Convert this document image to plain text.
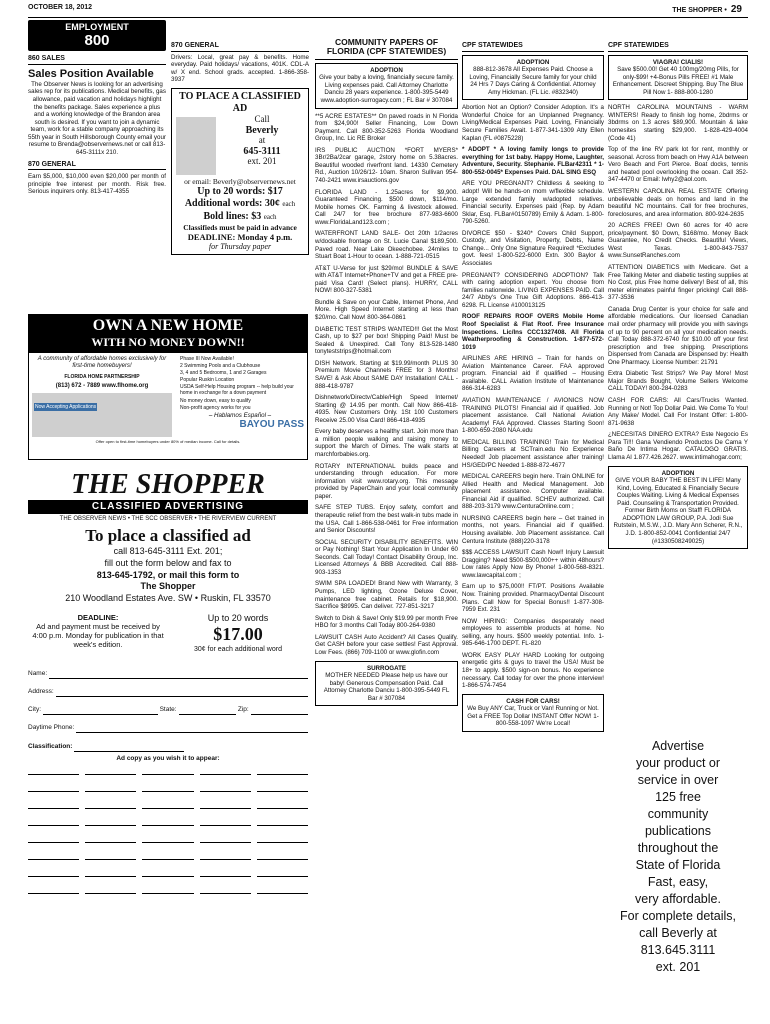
OCTOBER 18, 2012	THE SHOPPER • 29
EMPLOYMENT
800
860 SALES
Sales Position Available
The Observer News is looking for an advertising sales rep for its publications. Medical benefits, gas allowance, paid vacation and holidays highlight the benefits package. Sales experience a plus and a working knowledge of the Brandon area south is desired. If you want to join a dynamic team, work for a stable company approaching its 55th year in South Hillsborough County email your resume to Brenda@observernews.net or call 813-645-3111x 210.
870 GENERAL
Earn $5,000, $10,000 even $20,000 per month of principle free interest per month. Risk free. Serious inquirers only. 813-417-4355
870 GENERAL
Drivers: Local, great pay & benefits. Home everyday. Paid holidays/ vacations, 401K. CDL-A w/ X end. School grads. accepted. 1-866-358-3937
TO PLACE A CLASSIFIED AD
Call
Beverly
at
645-3111
ext. 201
or email: Beverly@observernews.net
Up to 20 words: $17
Additional words: 30¢ each
Bold lines: $3 each
Classifieds must be paid in advance
DEADLINE: Monday 4 p.m.
for Thursday paper
OWN A NEW HOME
WITH NO MONEY DOWN!!
A community of affordable homes exclusively for first-time homebuyers!
FLORIDA HOME PARTNERSHIP
(813) 672 - 7889 www.flhome.org
Now Accepting Applications
Phase III Now Available!
2 Swimming Pools and a Clubhouse
3, 4 and 5 Bedrooms, 1 and 2 Garages
Popular Ruskin Location
USDA Self-Help Housing program -- help build your home in exchange for a down payment
No money down, easy to qualify
Non-profit agency works for you
– Hablamos Español –
BAYOU PASS
Offer open to first-time homebuyers under 80% of median income. Call for details.
THE SHOPPER
CLASSIFIED ADVERTISING
THE OBSERVER NEWS • THE SCC OBSERVER • THE RIVERVIEW CURRENT
To place a classified ad
call 813-645-3111 Ext. 201;
fill out the form below and fax to
813-645-1792, or mail this form to
The Shopper
210 Woodland Estates Ave. SW • Ruskin, FL 33570
DEADLINE:
Ad and payment must be received by 4:00 p.m. Monday for publication in that week's edition.
Up to 20 words
$17.00
30¢ for each additional word
Name:
Address:
City:	State:	Zip:
Daytime Phone:
Classification:
Ad copy as you wish it to appear:
COMMUNITY PAPERS OF FLORIDA (CPF STATEWIDES)
ADOPTION
Give your baby a loving, financially secure family. Living expenses paid. Call Attorney Charlotte Danciu 28 years experience. 1-800-395-5449 www.adoption-surrogacy.com ; FL Bar # 307084
**5 ACRE ESTATES** On paved roads in N Florida from $24,900! Seller Financing, Low Down Payment. Call 800-352-5263 Florida Woodland Group, Inc. Lic RE Broker
IRS PUBLIC AUCTION *FORT MYERS* 3Br/2Ba/2car garage, 2story home on 5.38acres. Beautiful wooded riverfront land. 14330 Cemetery Rd., Auction 10/26/12- 10am. Sharon Sullivan 954-740-2421 www.irsauctions.gov
FLORIDA LAND - 1.25acres for $9,900. Guaranteed Financing. $500 down, $114/mo. Mobile homes OK. Farming & livestock allowed. Call 24/7 for free brochure 877-983-6600 www.FloridaLand123.com ;
WATERFRONT LAND SALE- Oct 20th 1/2acres w/dockable frontage on St. Lucie Canal $189,500. Paved road. Near Lake Okeechobee. 24miles to Stuart Boat 1-Hour to ocean. 1-888-721-0515
AT&T U-Verse for just $29/mo! BUNDLE & SAVE with AT&T Internet+Phone+TV and get a FREE pre-paid Visa Card! (Select plans). HURRY, CALL NOW! 800-327-5381
Bundle & Save on your Cable, Internet Phone, And More. High Speed Internet starting at less than $20/mo. Call Now! 800-364-0861
DIABETIC TEST STRIPS WANTED!!! Get the Most Cash, up to $27 per box! Shipping Paid! Must be Sealed & Unexpired. Call Tony 813-528-1480 tonyteststrips@hotmail.com
DISH Network. Starting at $19.99/month PLUS 30 Premium Movie Channels FREE for 3 Months! SAVE! & Ask About SAME DAY Installation! CALL - 888-418-9787
Dishnetwork/Directv/Cable/High Speed Internet/ Starting @ 14.95 per month. Call Now 866-418-4935. New Customers Only. 1St 100 Customers Receive 25.00 Visa Card! 866-418-4935
Every baby deserves a healthy start. Join more than a million people walking and raising money to support the March of Dimes. The walk starts at marchforbabies.org.
ROTARY INTERNATIONAL builds peace and understanding through education. For more information visit www.rotary.org. This message provided by PaperChain and your local community paper.
SAFE STEP TUBS. Enjoy safety, comfort and therapeutic relief from the best walk-in tubs made in the USA. Call 1-866-538-0461 for Free information and Senior Discounts!
SOCIAL SECURITY DISABILITY BENEFITS. WIN or Pay Nothing! Start Your Application In Under 60 Seconds. Call Today! Contact Disability Group, Inc. Licensed Attorneys & BBB Accredited. Call 888-903-1353
SWIM SPA LOADED! Brand New with Warranty, 3 Pumps, LED lighting, Ozone Deluxe Cover, maintenance free cabinet. Retails for $18,900. Sacrifice $8995. Can deliver. 727-851-3217
Switch to Dish & Save! Only $19.99 per month Free HBO for 3 months Call Today 800-264-9380
LAWSUIT CASH Auto Accident? All Cases Qualify. Get CASH before your case settles! Fast Approval. Low Fees. (866) 709-1100 or www.glofin.com
SURROGATE
MOTHER NEEDED Please help us have our baby! Generous Compensation Paid. Call Attorney Charlotte Danciu 1-800-395-5449 FL Bar # 307084
CPF STATEWIDES
ADOPTION
888-812-3678 All Expenses Paid. Choose a Loving, Financially Secure family for your child 24 Hrs 7 Days Caring & Confidential. Attorney Amy Hickman. (FL Lic. #832340)
Abortion Not an Option? Consider Adoption. It's a Wonderful Choice for an Unplanned Pregnancy. Living/Medical Expenses Paid. Loving, Financially Secure Families Await. 1-877-341-1309 Atty Ellen Kaplan (FL #0875228)
* ADOPT * A loving family longs to provide everything for 1st baby. Happy Home, Laughter, Adventure, Security. Stephanie. FLBar42311 * 1-800-552-0045* Expenses Paid. DAL SING ESQ
ARE YOU PREGNANT? Childless & seeking to adopt! Will be hands-on mom w/flexible schedule. Large extended family w/adopted relatives. Financial security. Expenses paid (Rep. by Adam Sklar, Esq. FLBar#0150789) Emily & Adam. 1-800-790-5260.
DIVORCE $50 - $240* Covers Child Support, Custody, and Visitation, Property, Debts, Name Change... Only One Signature Required! *Excludes govt. fees! 1-800-522-6000 Extn. 300 Baylor & Associates
PREGNANT? CONSIDERING ADOPTION? Talk with caring adoption expert. You choose from families nationwide. LIVING EXPENSES PAID. Call 24/7 Abby's One True Gift Adoptions. 866-413-6298. FL License #100013125
ROOF REPAIRS ROOF OVERS Mobile Home Roof Specialist & Flat Roof. Free Insurance Inspections. Lic/Ins CCC1327408. All Florida Weatherproofing & Construction. 1-877-572-1019
AIRLINES ARE HIRING – Train for hands on Aviation Maintenance Career. FAA approved program. Financial aid if qualified – Housing available. CALL Aviation Institute of Maintenance 866-314-6283
AVIATION MAINTENANCE / AVIONICS NOW TRAINING PILOTS! Financial aid if qualified. Job placement assistance. Call National Aviation Academy! FAA Approved. Classes Starting Soon! 1-800-659-2080 NAA.edu
MEDICAL BILLING TRAINING! Train for Medical Billing Careers at SCTrain.edu No Experience Needed! Job placement assistance after training! HS/GED/PC Needed 1-888-872-4677
MEDICAL CAREERS begin here. Train ONLINE for Allied Health and Medical Management. Job placement assistance. Computer available. Financial Aid if qualified. SCHEV authorized. Call 888-203-3179 www.CenturaOnline.com ;
NURSING CAREERS begin here – Get trained in months, not years. Financial aid if qualified. Housing available. Job Placement assistance. Call Centura Institute (888)220-3178
$$$ ACCESS LAWSUIT Cash Now!! Injury Lawsuit Dragging? Need $500-$500,000++ within 48hours? Low rates Apply Now By Phone! 1-800-568-8321. www.lawcapital.com ;
Earn up to $75,000!! FT/PT. Positions Available Now. Training provided. Pharmacy/Dental Discount Plans. Call Now for Special Bonus!! 1-877-308-7959 Ext. 231
NOW HIRING: Companies desperately need employees to assemble products at home. No selling, any hours. $500 weekly potential. Info. 1-985-646-1700 DEPT. FL-820
WORK EASY PLAY HARD Looking for outgoing energetic girls & guys to travel the USA! Must be 18+ to apply. $500 sign-on bonus. No experience necessary. Call today for over the phone interview! 1-866-574-7454
CASH FOR CARS!
We Buy ANY Car, Truck or Van! Running or Not. Get a FREE Top Dollar INSTANT Offer NOW! 1-800-558-1097 We're Local!
CPF STATEWIDES
VIAGRA! CIALIS!
Save $500.00! Get 40 100mg/20mg Pills, for only-$99! +4-Bonus Pills FREE! #1 Male Enhancement. Discreet Shipping. Buy The Blue Pill Now 1- 888-800-1280
NORTH CAROLINA MOUNTAINS - WARM WINTERS! Ready to finish log home, 2bdrms or 3bdrms on 1.3 acres $89,900. Mountain & lake homesites starting $29,900. 1-828-429-4004 (Code 41)
Top of the line RV park lot for rent, monthly or seasonal. Across from beach on Hwy A1A between Vero Beach and Fort Pierce. Boat docks, tennis and heated pool overlooking the ocean. Call 352-347-4470 or Email: lwhy2@aol.com.
WESTERN CAROLINA REAL ESTATE Offering unbelievable deals on homes and land in the beautiful NC mountains. Call for free brochures, foreclosures, and area information. 800-924-2635
20 ACRES FREE! Own 60 acres for 40 acre price/payment. $0 Down, $168/mo. Money Back Guarantee, No Credit Checks. Beautiful Views, West Texas. 1-800-843-7537 www.SunsetRanches.com
ATTENTION DIABETICS with Medicare. Get a Free Talking Meter and diabetic testing supplies at No Cost, plus Free home delivery! Best of all, this meter eliminates painful finger pricking! Call 888-377-3536
Canada Drug Center is your choice for safe and affordable medications. Our licensed Canadian mail order pharmacy will provide you with savings of up to 90 percent on all your medication needs. Call Today 888-372-6740 for $10.00 off your first prescription and free shipping. Prescriptions Dispensed from Canada are Dispensed by: Health One Pharmacy. License Number: 21791
Extra Diabetic Test Strips? We Pay More! Most Major Brands Bought, Volume Sellers Welcome CALL TODAY! 800-284-0283
CASH FOR CARS: All Cars/Trucks Wanted. Running or Not! Top Dollar Paid. We Come To You! Any Make/ Model. Call For Instant Offer: 1-800-871-9638
¿NECESITAS DINERO EXTRA? Este Negocio Es Para Ti!!! Gana Vendiendo Productos De Cama Y Baño De Intima Hogar. CATALOGO GRATIS. Llama Al 1.877.426.2627. www.intimahogar.com;
ADOPTION
GIVE YOUR BABY THE BEST IN LIFE! Many Kind, Loving, Educated & Financially Secure Couples Waiting. Living & Medical Expenses Paid. Counseling & Transportation Provided. Former Birth Moms on Staff! FLORIDA ADOPTION LAW GROUP, P.A. Jodi Sue Rutstein, M.S.W., J.D. Mary Ann Scherer, R.N., J.D. 1-800-852-0041 Confidential 24/7 (#1330508249025)
Advertise
your product or
service in over
125 free
community
publications
throughout the
State of Florida
Fast, easy,
very affordable.
For complete details,
call Beverly at
813.645.3111
ext. 201
